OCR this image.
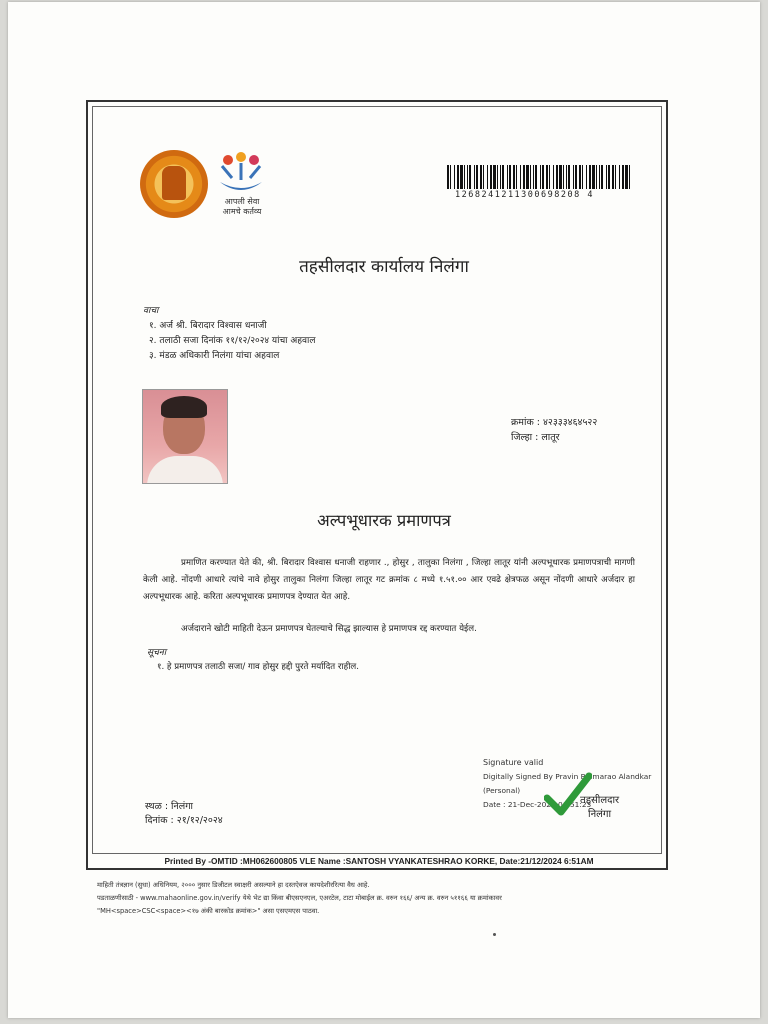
आपली सेवा
आमचे कर्तव्य
1268241211300698208 4
तहसीलदार कार्यालय निलंगा
वाचा
१. अर्ज श्री. बिरादार विश्वास धनाजी
२. तलाठी सजा दिनांक ११/१२/२०२४ यांचा अहवाल
३. मंडळ अधिकारी निलंगा यांचा अहवाल
क्रमांक : ४२३३३४६४५२२
जिल्हा : लातूर
अल्पभूधारक प्रमाणपत्र
प्रमाणित करण्यात येते की, श्री. बिरादार विश्वास धनाजी राहणार ., होसुर , तालुका निलंगा , जिल्हा लातूर यांनी अल्पभूधारक प्रमाणपत्राची मागणी केली आहे. नोंदणी आधारे त्यांचे नावे होसुर तालुका निलंगा जिल्हा लातूर गट क्रमांक ८ मध्ये १.५१.०० आर एवढे क्षेत्रफळ असून नोंदणी आधारे अर्जदार हा अल्पभूधारक आहे. करिता अल्पभूधारक प्रमाणपत्र देण्यात येत आहे.
अर्जदाराने खोटी माहिती देऊन प्रमाणपत्र घेतल्याचे सिद्ध झाल्यास हे प्रमाणपत्र रद्द करण्यात येईल.
सूचना
१. हे प्रमाणपत्र तलाठी सजा/ गाव होसुर हद्दी पुरते मर्यादित राहील.
Signature valid
Digitally Signed By Pravin Bhimarao Alandkar
(Personal)
Date : 21-Dec-2024 06:51:23
तहसीलदार
निलंगा
स्थळ : निलंगा
दिनांक : २१/१२/२०२४
Printed By -OMTID :MH062600805 VLE Name :SANTOSH VYANKATESHRAO KORKE, Date:21/12/2024 6:51AM
माहिती तंत्रज्ञान (सुधा) अधिनियम, २००० नुसार डिजीटल स्वाक्षरी असल्याने हा दस्तऐवज कायदेशीररित्या वैध आहे.
पडताळणीसाठी - www.mahaonline.gov.in/verify येथे भेट द्या किंवा बीएसएनएल, एअरटेल, टाटा मोबाईल क्र. वरुन १६६/ अन्य क्र. वरुन ५११६६ या क्रमांकावर
"MH<space>CSC<space><१७ अंकी बारकोड क्रमांक>" असा एसएमएस पाठवा.
